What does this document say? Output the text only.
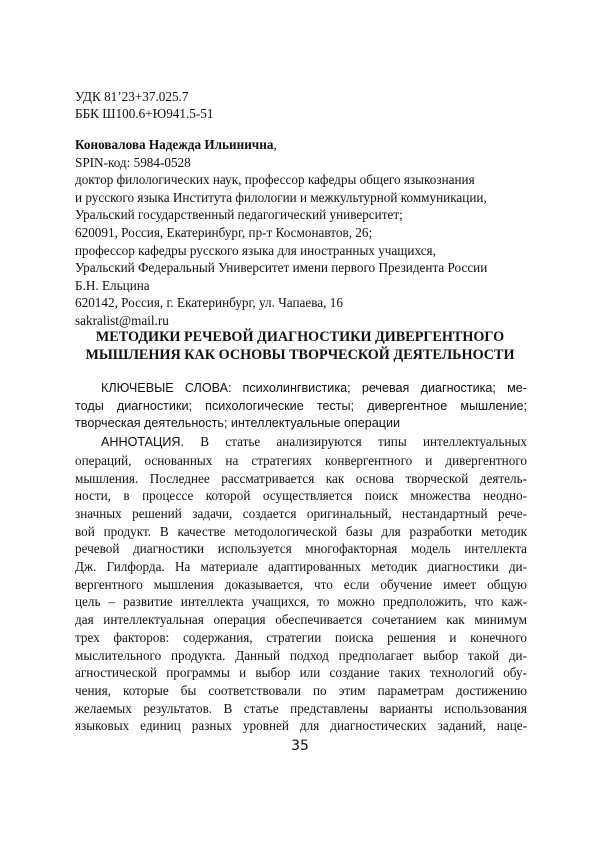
УДК 81’23+37.025.7
ББК Ш100.6+Ю941.5-51
Коновалова Надежда Ильинична,
SPIN-код: 5984-0528
доктор филологических наук, профессор кафедры общего языкознания
и русского языка Института филологии и межкультурной коммуникации,
Уральский государственный педагогический университет;
620091, Россия, Екатеринбург, пр-т Космонавтов, 26;
профессор кафедры русского языка для иностранных учащихся,
Уральский Федеральный Университет имени первого Президента России
Б.Н. Ельцина
620142, Россия, г. Екатеринбург, ул. Чапаева, 16
sakralist@mail.ru
МЕТОДИКИ РЕЧЕВОЙ ДИАГНОСТИКИ ДИВЕРГЕНТНОГО
МЫШЛЕНИЯ КАК ОСНОВЫ ТВОРЧЕСКОЙ ДЕЯТЕЛЬНОСТИ
КЛЮЧЕВЫЕ СЛОВА: психолингвистика; речевая диагностика; ме-
тоды диагностики; психологические тесты; дивергентное мышление;
творческая деятельность; интеллектуальные операции
АННОТАЦИЯ. В статье анализируются типы интеллектуальных
операций, основанных на стратегиях конвергентного и дивергентного
мышления. Последнее рассматривается как основа творческой деятель-
ности, в процессе которой осуществляется поиск множества неодно-
значных решений задачи, создается оригинальный, нестандартный рече-
вой продукт. В качестве методологической базы для разработки методик
речевой диагностики используется многофакторная модель интеллекта
Дж. Гилфорда. На материале адаптированных методик диагностики ди-
вергентного мышления доказывается, что если обучение имеет общую
цель – развитие интеллекта учащихся, то можно предположить, что каж-
дая интеллектуальная операция обеспечивается сочетанием как минимум
трех факторов: содержания, стратегии поиска решения и конечного
мыслительного продукта. Данный подход предполагает выбор такой ди-
агностической программы и выбор или создание таких технологий обу-
чения, которые бы соответствовали по этим параметрам достижению
желаемых результатов. В статье представлены варианты использования
языковых единиц разных уровней для диагностических заданий, наце-
35
